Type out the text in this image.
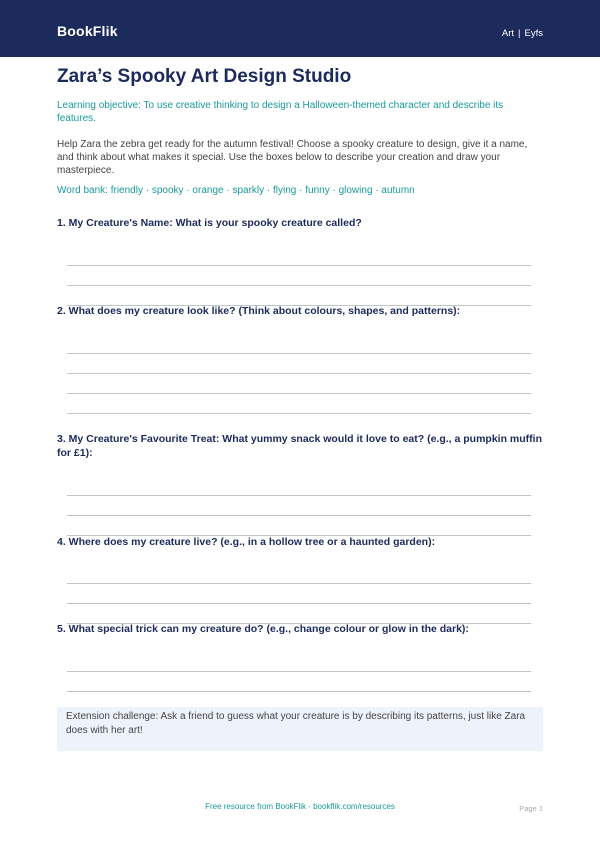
BookFlik	Art | Eyfs
Zara’s Spooky Art Design Studio
Learning objective: To use creative thinking to design a Halloween-themed character and describe its features.
Help Zara the zebra get ready for the autumn festival! Choose a spooky creature to design, give it a name, and think about what makes it special. Use the boxes below to describe your creation and draw your masterpiece.
Word bank: friendly · spooky · orange · sparkly · flying · funny · glowing · autumn
1. My Creature's Name: What is your spooky creature called?
2. What does my creature look like? (Think about colours, shapes, and patterns):
3. My Creature's Favourite Treat: What yummy snack would it love to eat? (e.g., a pumpkin muffin for £1):
4. Where does my creature live? (e.g., in a hollow tree or a haunted garden):
5. What special trick can my creature do? (e.g., change colour or glow in the dark):
Extension challenge: Ask a friend to guess what your creature is by describing its patterns, just like Zara does with her art!
Free resource from BookFlik · bookflik.com/resources	Page 1
